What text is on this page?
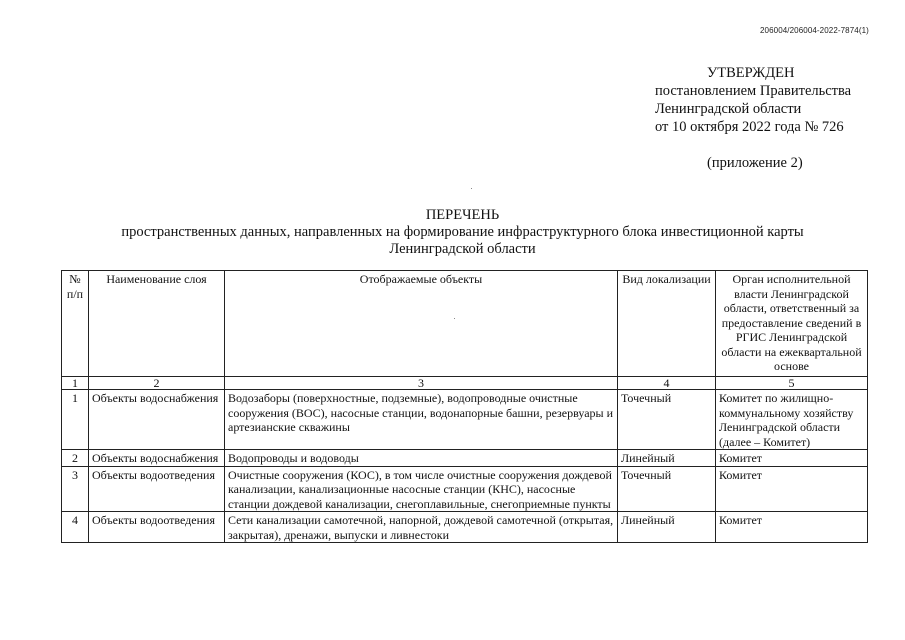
206004/206004-2022-7874(1)
УТВЕРЖДЕН
постановлением Правительства
Ленинградской области
от 10 октября 2022 года № 726
(приложение 2)
ПЕРЕЧЕНЬ
пространственных данных, направленных на формирование инфраструктурного блока инвестиционной карты
Ленинградской области
№ п/п	Наименование слоя	Отображаемые объекты	Вид локализации	Орган исполнительной власти Ленинградской области, ответственный за предоставление сведений в РГИС Ленинградской области на ежеквартальной основе
1	2	3	4	5
1	Объекты водоснабжения	Водозаборы (поверхностные, подземные), водопроводные очистные сооружения (ВОС), насосные станции, водонапорные башни, резервуары и артезианские скважины	Точечный	Комитет по жилищно-коммунальному хозяйству Ленинградской области (далее – Комитет)
2	Объекты водоснабжения	Водопроводы и водоводы	Линейный	Комитет
3	Объекты водоотведения	Очистные сооружения (КОС), в том числе очистные сооружения дождевой канализации, канализационные насосные станции (КНС), насосные станции дождевой канализации, снегоплавильные, снегоприемные пункты	Точечный	Комитет
4	Объекты водоотведения	Сети канализации самотечной, напорной, дождевой самотечной (открытая, закрытая), дренажи, выпуски и ливнестоки	Линейный	Комитет
